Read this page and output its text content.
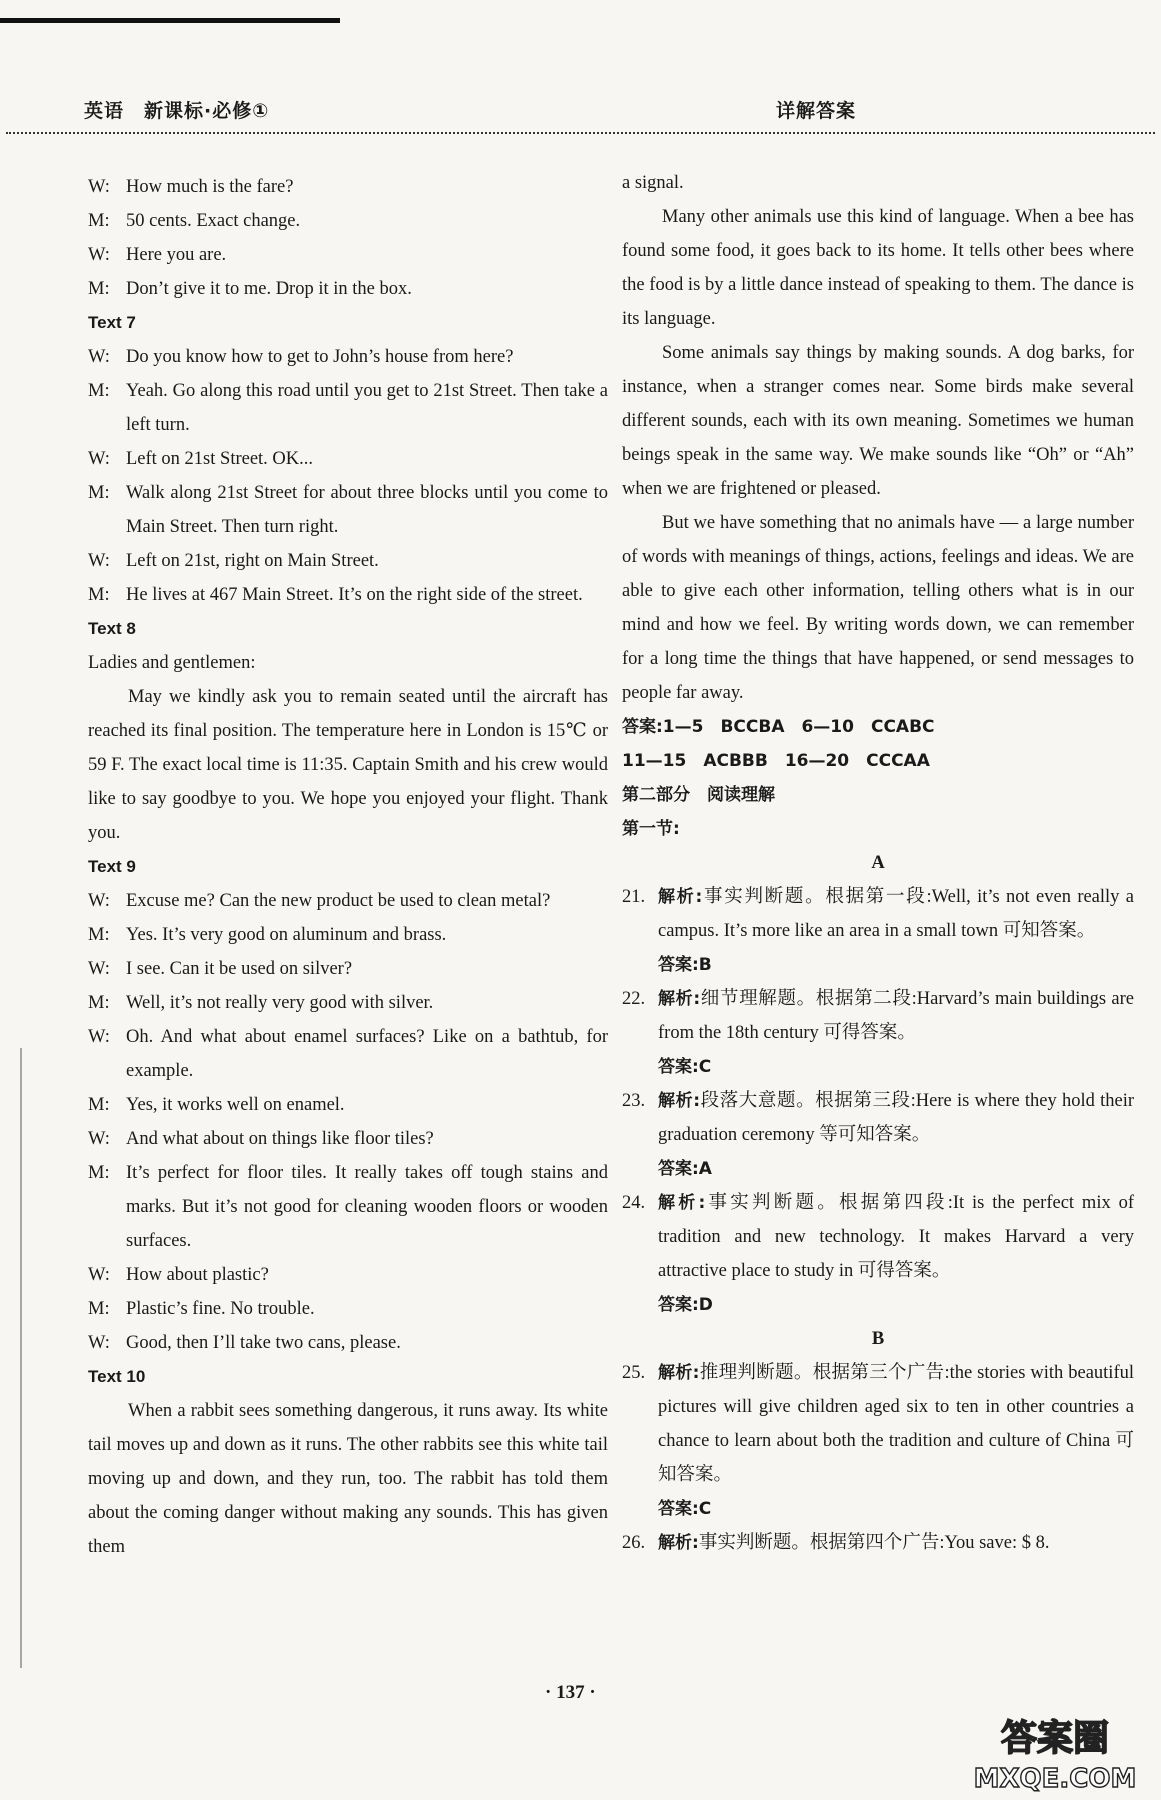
英语　新课标·必修①	详解答案
W: How much is the fare?
M: 50 cents. Exact change.
W: Here you are.
M: Don’t give it to me. Drop it in the box.
Text 7
W: Do you know how to get to John’s house from here?
M: Yeah. Go along this road until you get to 21st Street. Then take a left turn.
W: Left on 21st Street. OK...
M: Walk along 21st Street for about three blocks until you come to Main Street. Then turn right.
W: Left on 21st, right on Main Street.
M: He lives at 467 Main Street. It’s on the right side of the street.
Text 8
Ladies and gentlemen:

May we kindly ask you to remain seated until the aircraft has reached its final position. The temperature here in London is 15℃ or 59 F. The exact local time is 11:35. Captain Smith and his crew would like to say goodbye to you. We hope you enjoyed your flight. Thank you.

Text 9
W: Excuse me? Can the new product be used to clean metal?
M: Yes. It’s very good on aluminum and brass.
W: I see. Can it be used on silver?
M: Well, it’s not really very good with silver.
W: Oh. And what about enamel surfaces? Like on a bathtub, for example.
M: Yes, it works well on enamel.
W: And what about on things like floor tiles?
M: It’s perfect for floor tiles. It really takes off tough stains and marks. But it’s not good for cleaning wooden floors or wooden surfaces.
W: How about plastic?
M: Plastic’s fine. No trouble.
W: Good, then I’ll take two cans, please.
Text 10

When a rabbit sees something dangerous, it runs away. Its white tail moves up and down as it runs. The other rabbits see this white tail moving up and down, and they run, too. The rabbit has told them about the coming danger without making any sounds. This has given them

a signal.

Many other animals use this kind of language. When a bee has found some food, it goes back to its home. It tells other bees where the food is by a little dance instead of speaking to them. The dance is its language.

Some animals say things by making sounds. A dog barks, for instance, when a stranger comes near. Some birds make several different sounds, each with its own meaning. Sometimes we human beings speak in the same way. We make sounds like “Oh” or “Ah” when we are frightened or pleased.

But we have something that no animals have — a large number of words with meanings of things, actions, feelings and ideas. We are able to give each other information, telling others what is in our mind and how we feel. By writing words down, we can remember for a long time the things that have happened, or send messages to people far away.

答案:1—5　BCCBA　6—10　CCABC
11—15　ACBBB　16—20　CCCAA
第二部分　阅读理解
第一节:
A
21. 解析:事实判断题。根据第一段:Well, it’s not even really a campus. It’s more like an area in a small town 可知答案。
答案:B
22. 解析:细节理解题。根据第二段:Harvard’s main buildings are from the 18th century 可得答案。
答案:C
23. 解析:段落大意题。根据第三段:Here is where they hold their graduation ceremony 等可知答案。
答案:A
24. 解析:事实判断题。根据第四段:It is the perfect mix of tradition and new technology. It makes Harvard a very attractive place to study in 可得答案。
答案:D
B
25. 解析:推理判断题。根据第三个广告:the stories with beautiful pictures will give children aged six to ten in other countries a chance to learn about both the tradition and culture of China 可知答案。
答案:C
26. 解析:事实判断题。根据第四个广告:You save: $ 8.
· 137 ·
答案圈
MXQE.COM
